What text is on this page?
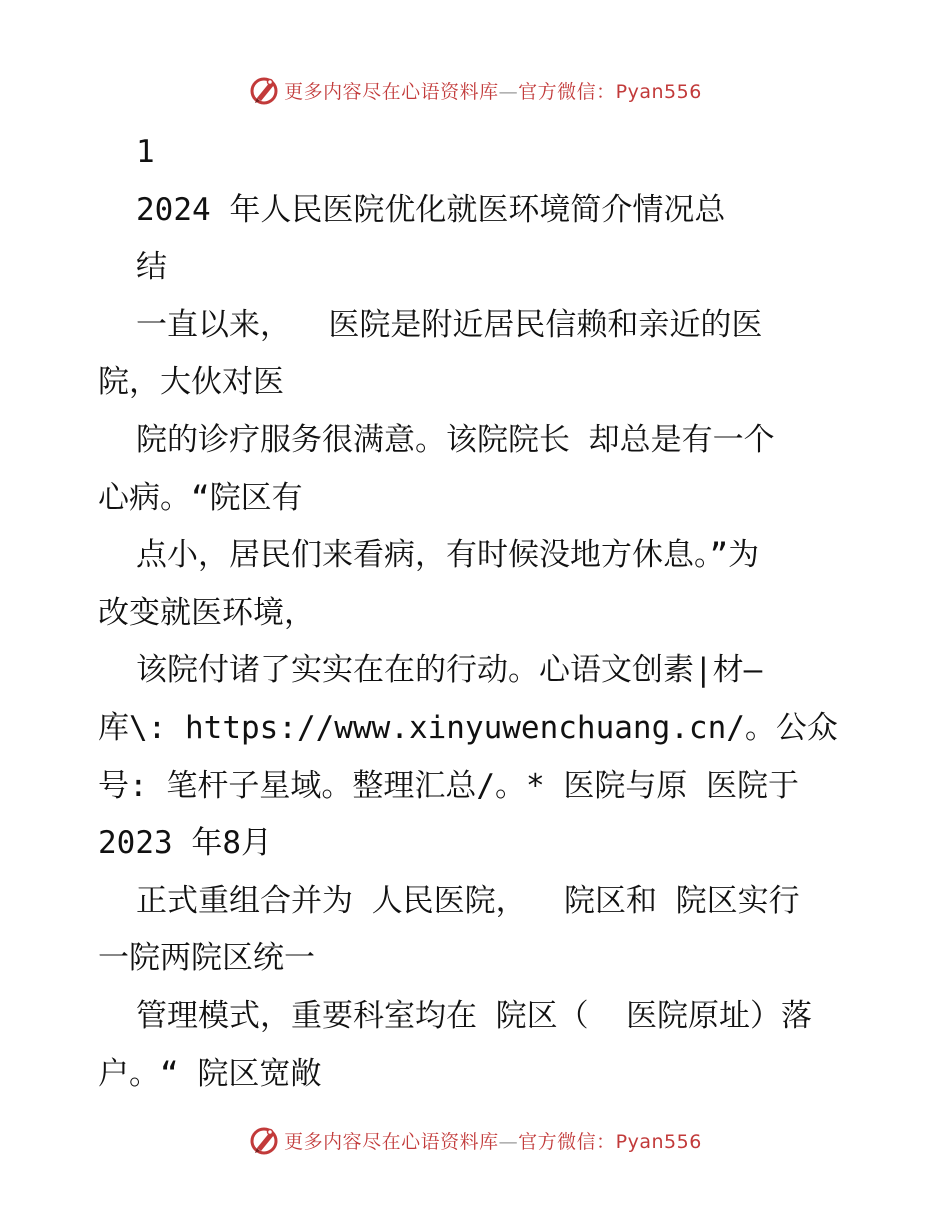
更多内容尽在心语资料库—官方微信：Pyan556
1
2024 年人民医院优化就医环境简介情况总
结
一直以来，  医院是附近居民信赖和亲近的医
院，大伙对医
院的诊疗服务很满意。该院院长 却总是有一个
心病。“院区有
点小，居民们来看病，有时候没地方休息。”为
改变就医环境，
该院付诸了实实在在的行动。心语文创素|材—
库\: https://www.xinyuwenchuang.cn/。公众
号: 笔杆子星域。整理汇总/。* 医院与原 医院于
2023 年8月
正式重组合并为 人民医院，  院区和 院区实行
一院两院区统一
管理模式，重要科室均在 院区（  医院原址）落
户。“ 院区宽敞
更多内容尽在心语资料库—官方微信：Pyan556
